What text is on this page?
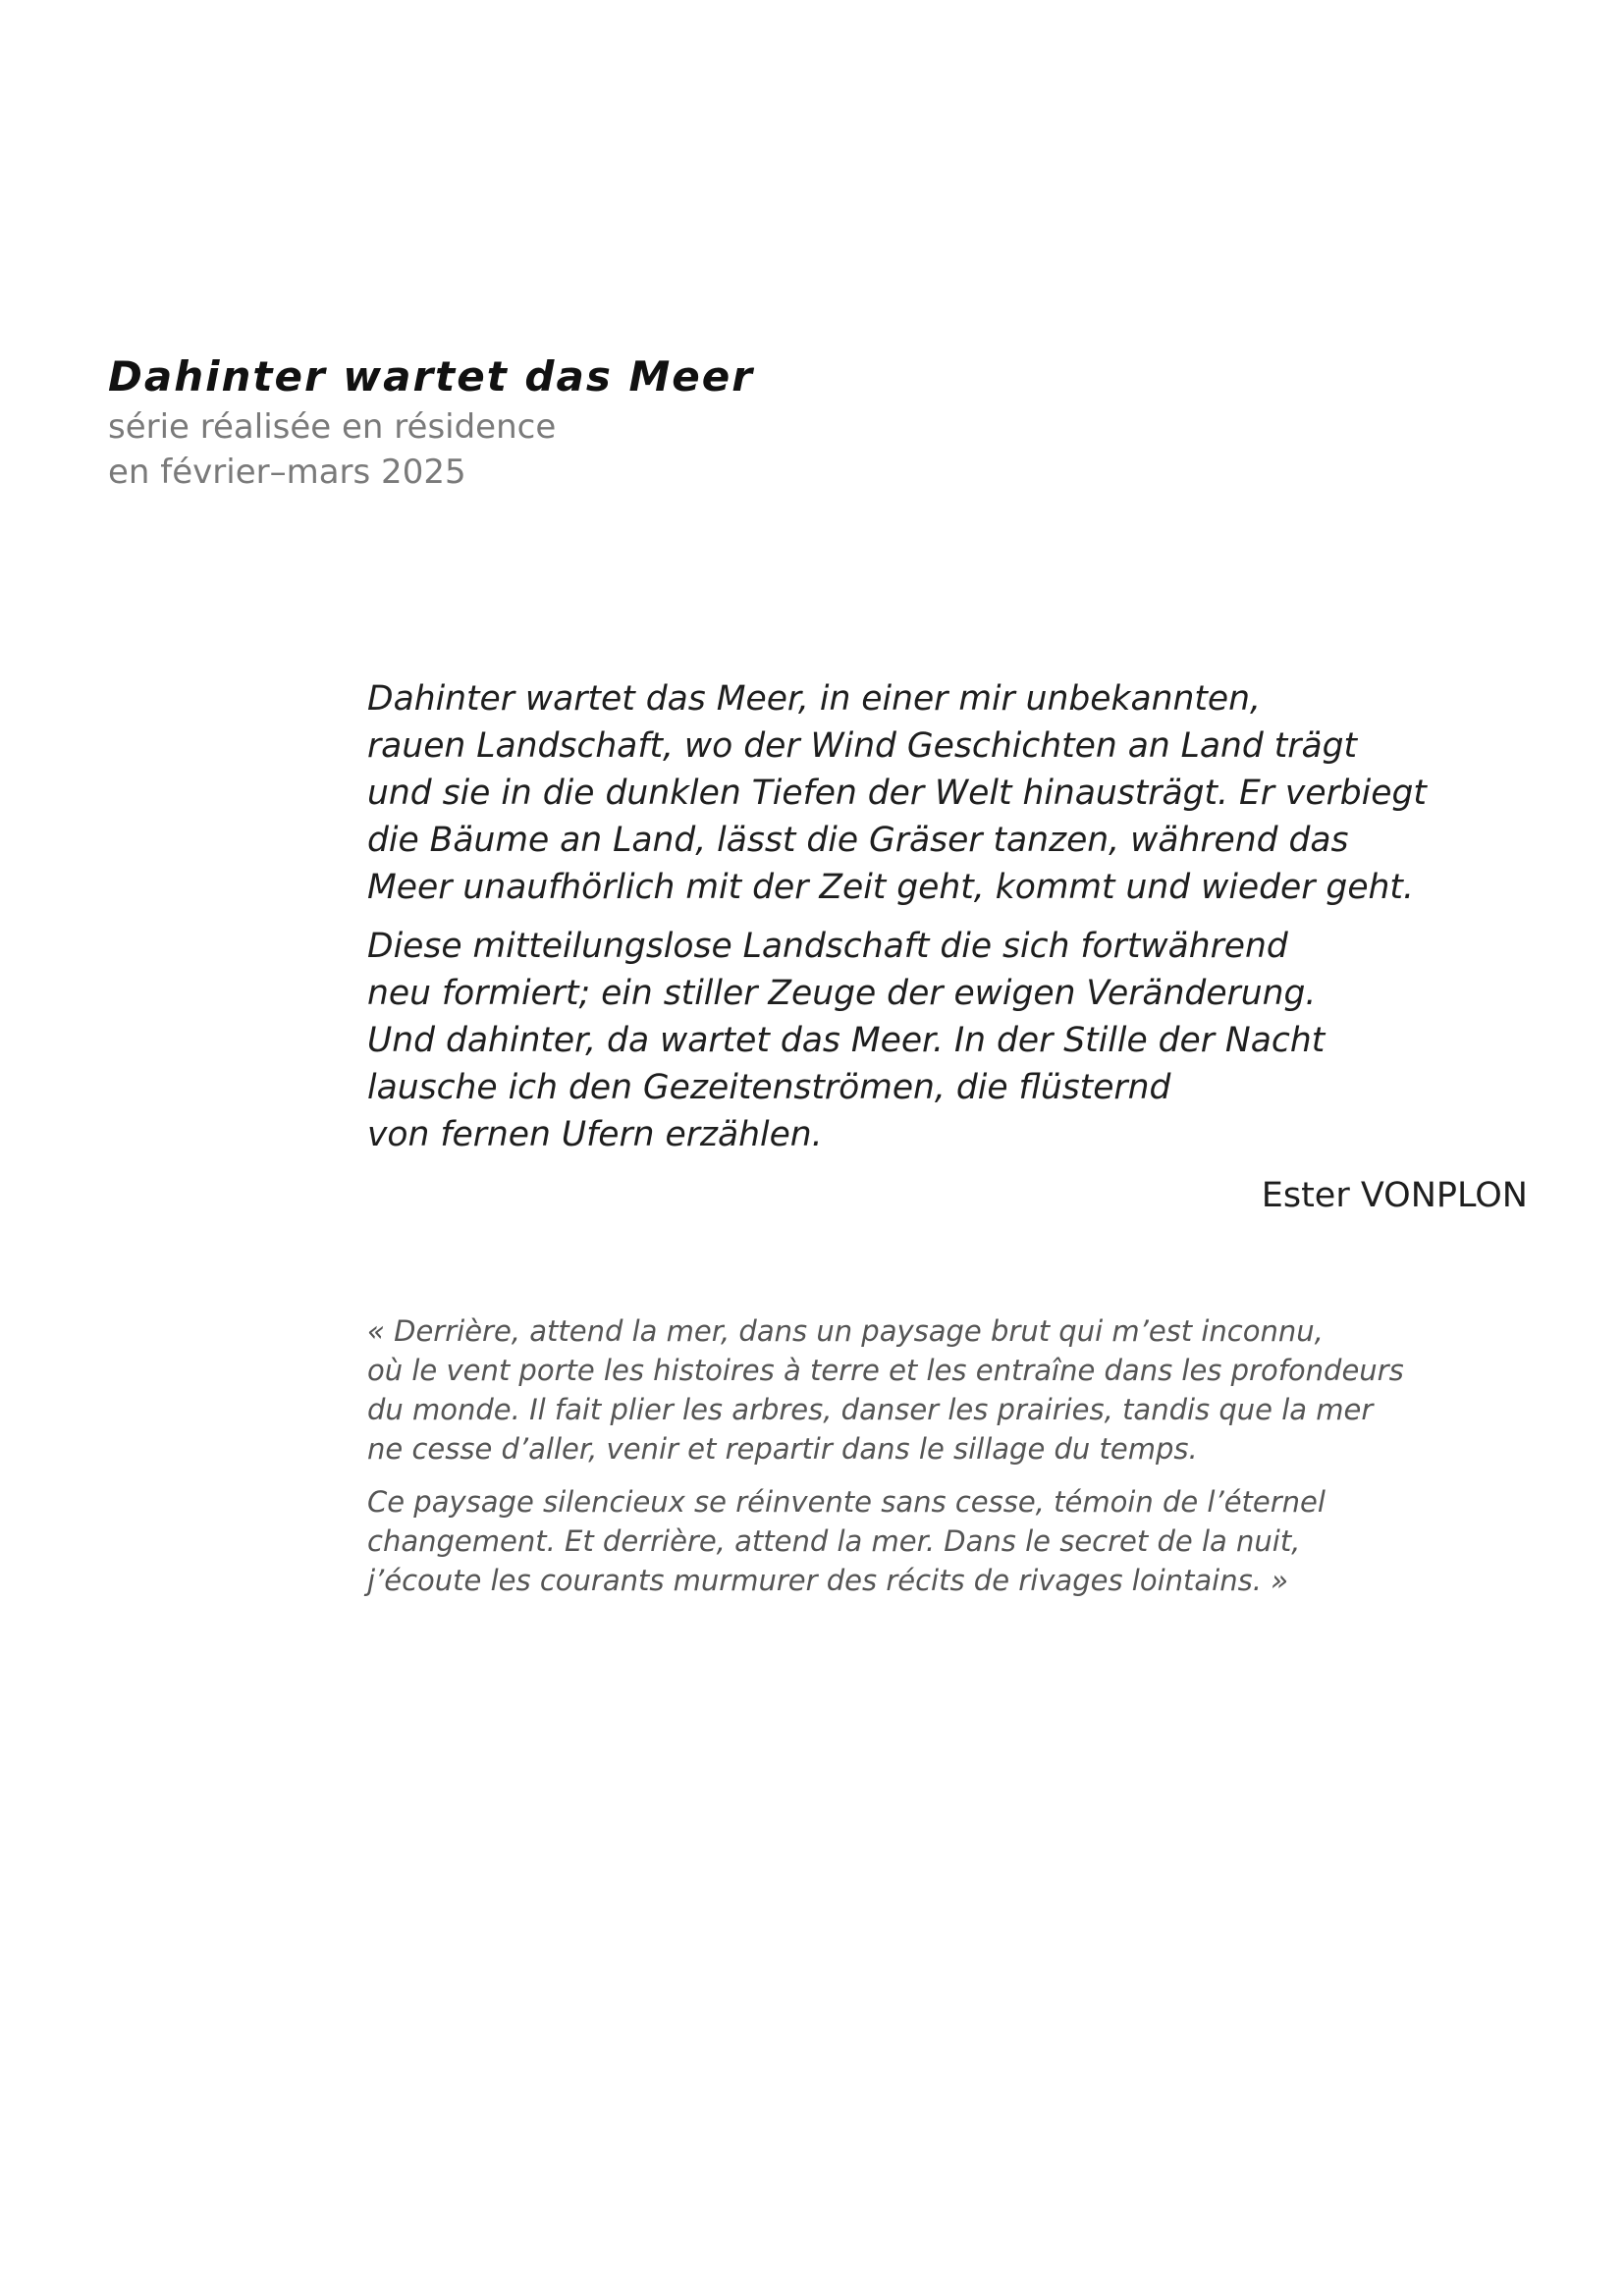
Dahinter wartet das Meer

série réalisée en résidence

en février–mars 2025

Dahinter wartet das Meer, in einer mir unbekannten,
rauen Landschaft, wo der Wind Geschichten an Land trägt
und sie in die dunklen Tiefen der Welt hinausträgt. Er verbiegt
die Bäume an Land, lässt die Gräser tanzen, während das
Meer unaufhörlich mit der Zeit geht, kommt und wieder geht.

Diese mitteilungslose Landschaft die sich fortwährend
neu formiert; ein stiller Zeuge der ewigen Veränderung.
Und dahinter, da wartet das Meer. In der Stille der Nacht
lausche ich den Gezeitenströmen, die flüsternd
von fernen Ufern erzählen.

Ester VONPLON

« Derrière, attend la mer, dans un paysage brut qui m’est inconnu,
où le vent porte les histoires à terre et les entraîne dans les profondeurs
du monde. Il fait plier les arbres, danser les prairies, tandis que la mer
ne cesse d’aller, venir et repartir dans le sillage du temps.

Ce paysage silencieux se réinvente sans cesse, témoin de l’éternel
changement. Et derrière, attend la mer. Dans le secret de la nuit,
j’écoute les courants murmurer des récits de rivages lointains. »
